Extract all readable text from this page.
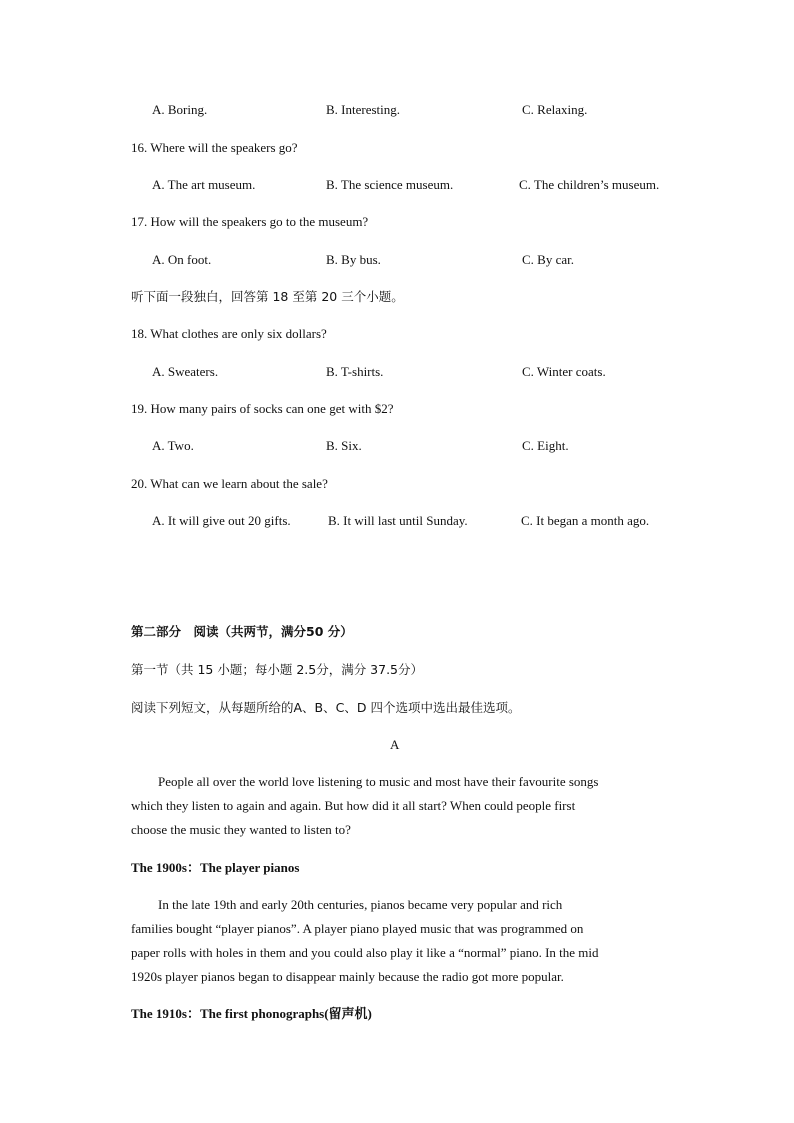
A. Boring.	B. Interesting.	C. Relaxing.
16. Where will the speakers go?
A. The art museum.	B. The science museum.	C. The children’s museum.
17. How will the speakers go to the museum?
A. On foot.	B. By bus.	C. By car.
听下面一段独白，回答第 18 至第 20 三个小题。
18. What clothes are only six dollars?
A. Sweaters.	B. T-shirts.	C. Winter coats.
19. How many pairs of socks can one get with $2?
A. Two.	B. Six.	C. Eight.
20. What can we learn about the sale?
A. It will give out 20 gifts.	B. It will last until Sunday.	C. It began a month ago.
第二部分　阅读（共两节，满分50 分）
第一节（共 15 小题；每小题 2.5分，满分 37.5分）
阅读下列短文，从每题所给的A、B、C、D 四个选项中选出最佳选项。
A
People all over the world love listening to music and most have their favourite songs
which they listen to again and again. But how did it all start? When could people first
choose the music they wanted to listen to?
The 1900s：The player pianos
In the late 19th and early 20th centuries, pianos became very popular and rich
families bought “player pianos”. A player piano played music that was programmed on
paper rolls with holes in them and you could also play it like a “normal” piano. In the mid
1920s player pianos began to disappear mainly because the radio got more popular.
The 1910s：The first phonographs(留声机)
